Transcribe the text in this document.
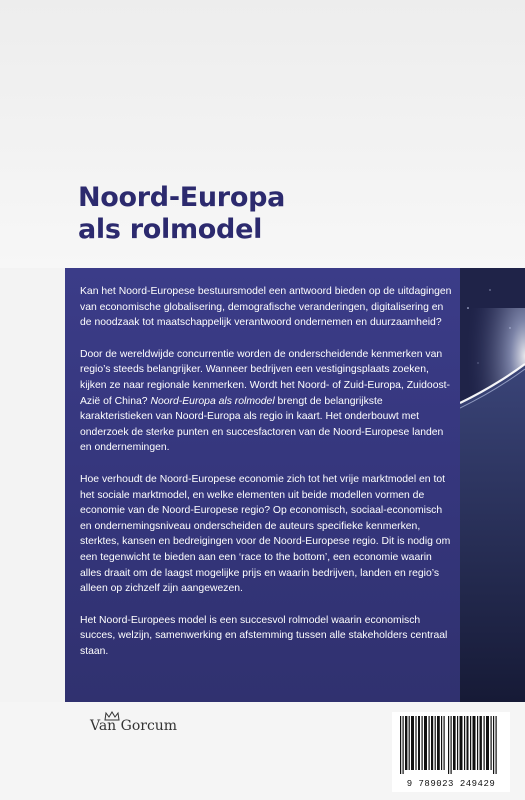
Noord-Europa
als rolmodel

Kan het Noord-Europese bestuursmodel een antwoord bieden op de uitdagingen van economische globalisering, demografische veranderingen, digitalisering en de noodzaak tot maatschappelijk verantwoord ondernemen en duurzaamheid?

Door de wereldwijde concurrentie worden de onderscheidende kenmerken van regio’s steeds belangrijker. Wanneer bedrijven een vestigingsplaats zoeken, kijken ze naar regionale kenmerken. Wordt het Noord- of Zuid-Europa, Zuidoost-Azië of China? Noord-Europa als rolmodel brengt de belangrijkste karakteristieken van Noord-Europa als regio in kaart. Het onderbouwt met onderzoek de sterke punten en succesfactoren van de Noord-Europese landen en ondernemingen.

Hoe verhoudt de Noord-Europese economie zich tot het vrije marktmodel en tot het sociale marktmodel, en welke elementen uit beide modellen vormen de economie van de Noord-Europese regio? Op economisch, sociaal-economisch en ondernemingsniveau onderscheiden de auteurs specifieke kenmerken, sterktes, kansen en bedreigingen voor de Noord-Europese regio. Dit is nodig om een tegenwicht te bieden aan een ‘race to the bottom’, een economie waarin alles draait om de laagst mogelijke prijs en waarin bedrijven, landen en regio’s alleen op zichzelf zijn aangewezen.

Het Noord-Europees model is een succesvol rolmodel waarin economisch succes, welzijn, samenwerking en afstemming tussen alle stakeholders centraal staan.

Van Gorcum
9 789023 249429
